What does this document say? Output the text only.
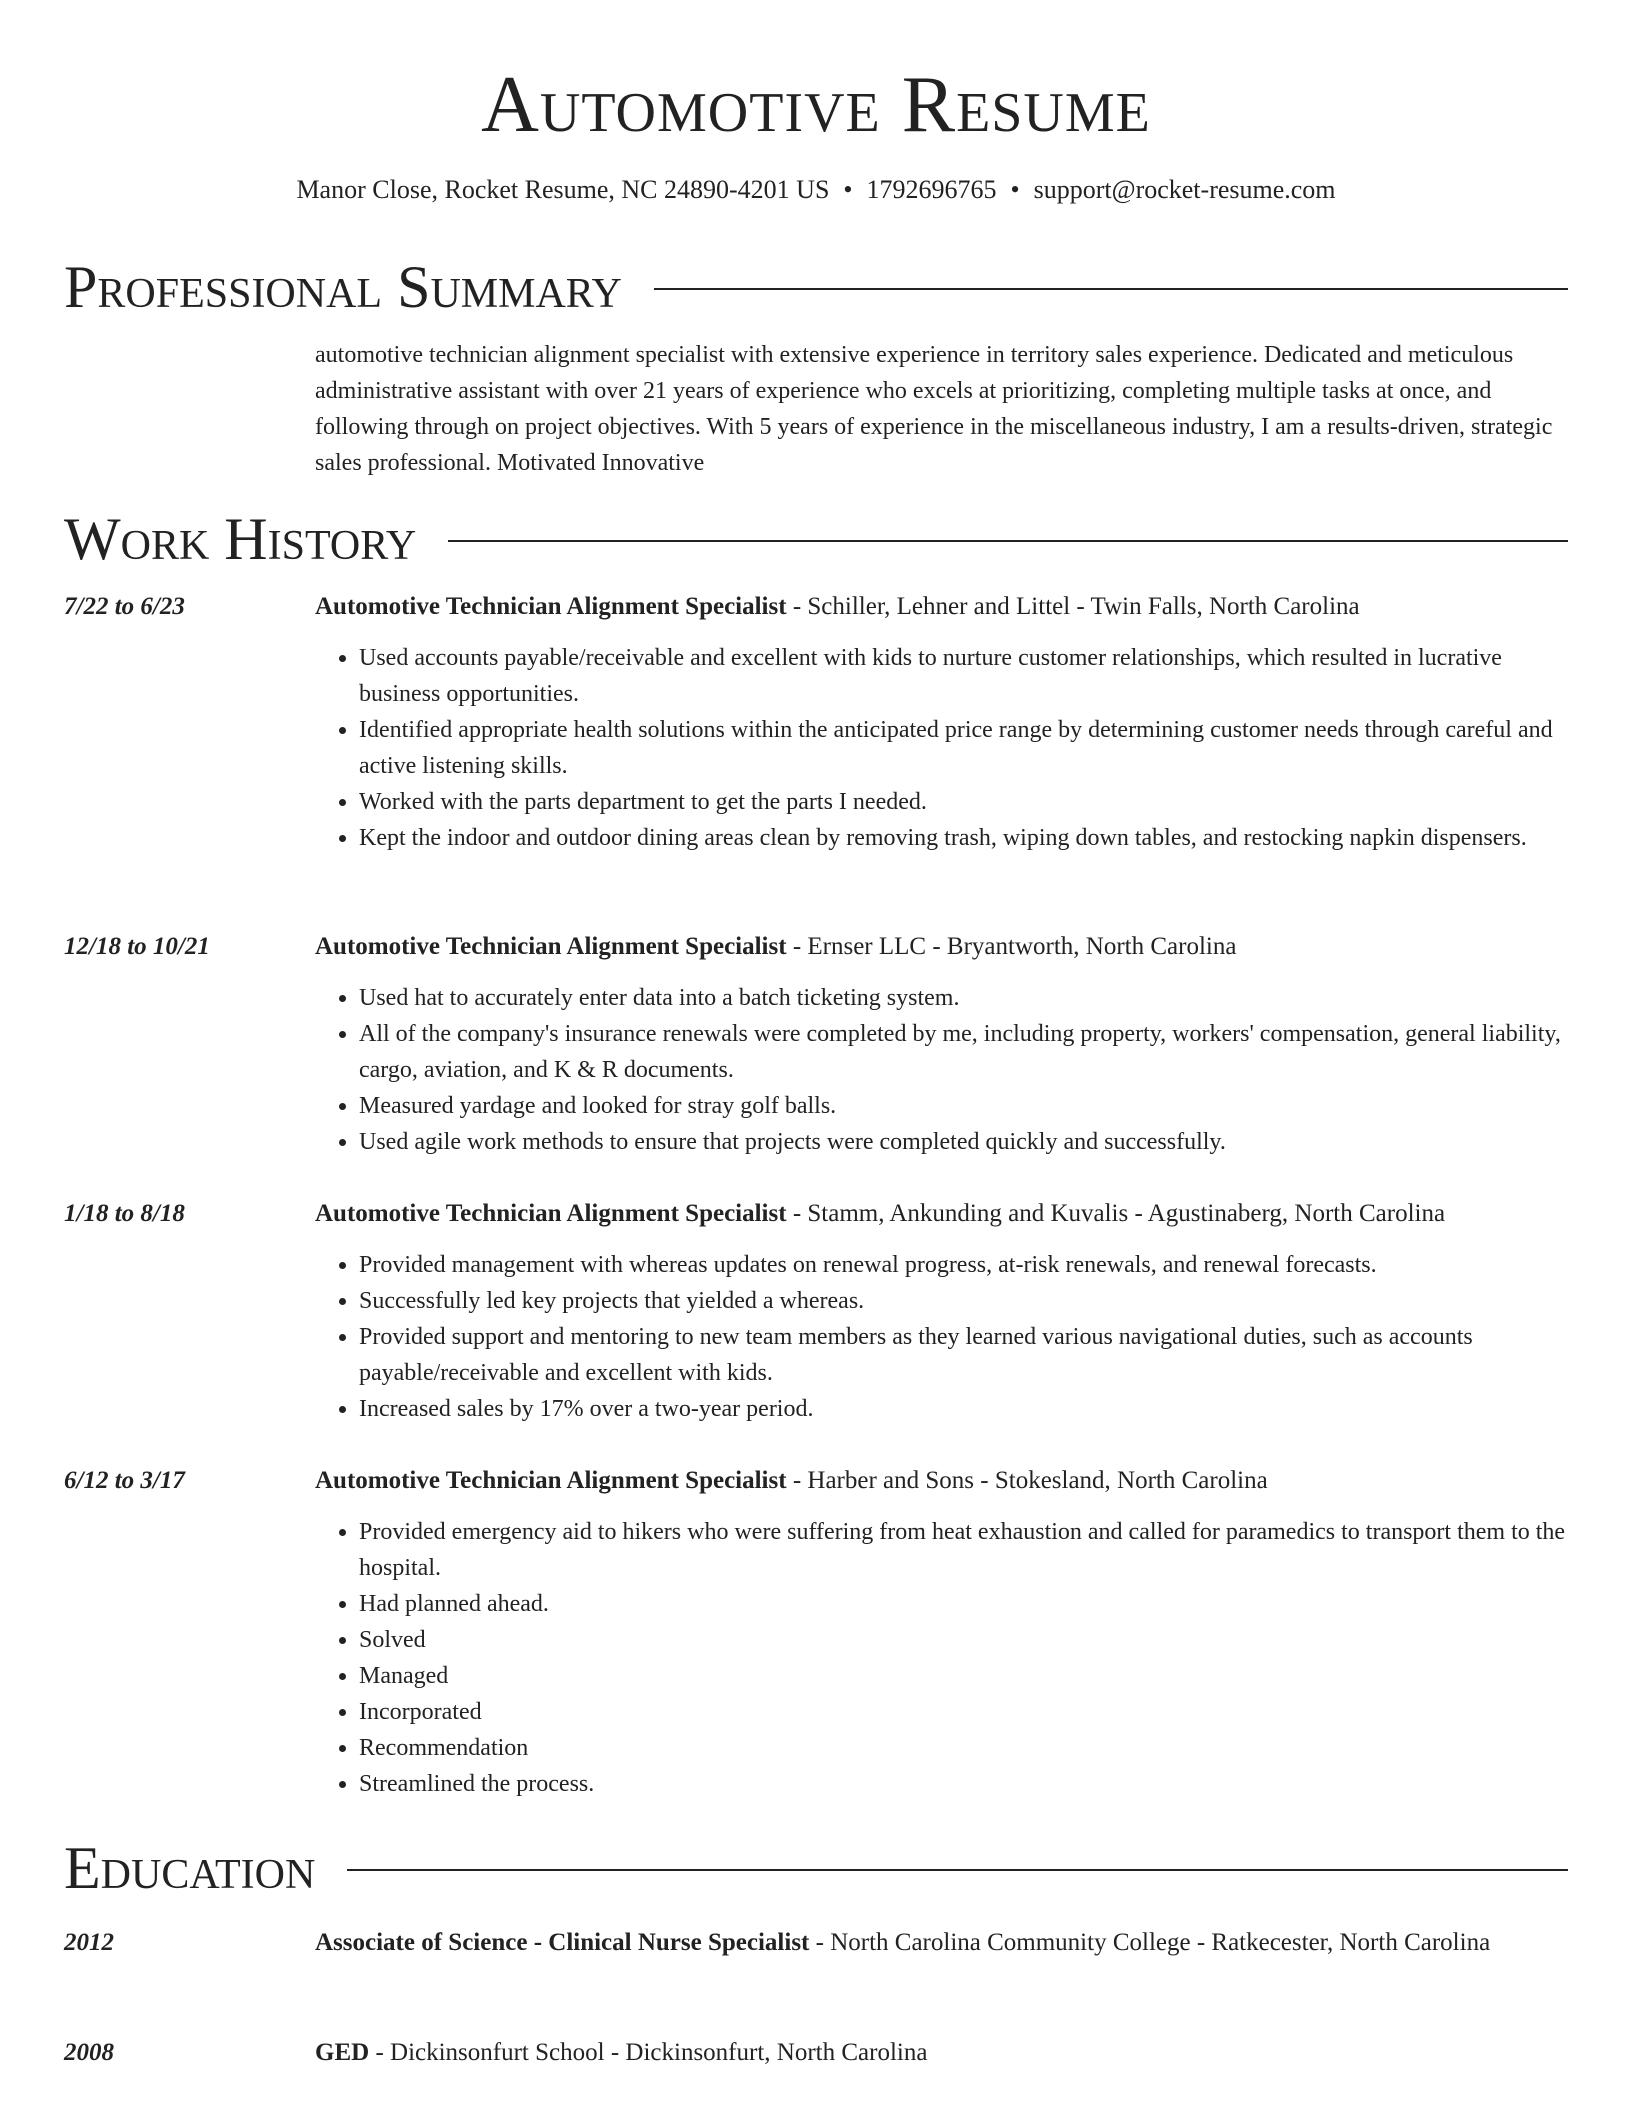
Automotive Resume
Manor Close, Rocket Resume, NC 24890-4201 US • 1792696765 • support@rocket-resume.com
Professional Summary

automotive technician alignment specialist with extensive experience in territory sales experience. Dedicated and meticulous administrative assistant with over 21 years of experience who excels at prioritizing, completing multiple tasks at once, and following through on project objectives. With 5 years of experience in the miscellaneous industry, I am a results-driven, strategic sales professional. Motivated Innovative

Work History
7/22 to 6/23	Automotive Technician Alignment Specialist - Schiller, Lehner and Littel - Twin Falls, North Carolina
• Used accounts payable/receivable and excellent with kids to nurture customer relationships, which resulted in lucrative business opportunities.
• Identified appropriate health solutions within the anticipated price range by determining customer needs through careful and active listening skills.
• Worked with the parts department to get the parts I needed.
• Kept the indoor and outdoor dining areas clean by removing trash, wiping down tables, and restocking napkin dispensers.
12/18 to 10/21	Automotive Technician Alignment Specialist - Ernser LLC - Bryantworth, North Carolina
• Used hat to accurately enter data into a batch ticketing system.
• All of the company's insurance renewals were completed by me, including property, workers' compensation, general liability, cargo, aviation, and K & R documents.
• Measured yardage and looked for stray golf balls.
• Used agile work methods to ensure that projects were completed quickly and successfully.
1/18 to 8/18	Automotive Technician Alignment Specialist - Stamm, Ankunding and Kuvalis - Agustinaberg, North Carolina
• Provided management with whereas updates on renewal progress, at-risk renewals, and renewal forecasts.
• Successfully led key projects that yielded a whereas.
• Provided support and mentoring to new team members as they learned various navigational duties, such as accounts payable/receivable and excellent with kids.
• Increased sales by 17% over a two-year period.
6/12 to 3/17	Automotive Technician Alignment Specialist - Harber and Sons - Stokesland, North Carolina
• Provided emergency aid to hikers who were suffering from heat exhaustion and called for paramedics to transport them to the hospital.
• Had planned ahead.
• Solved
• Managed
• Incorporated
• Recommendation
• Streamlined the process.
Education
2012	Associate of Science - Clinical Nurse Specialist - North Carolina Community College - Ratkecester, North Carolina
2008	GED - Dickinsonfurt School - Dickinsonfurt, North Carolina
